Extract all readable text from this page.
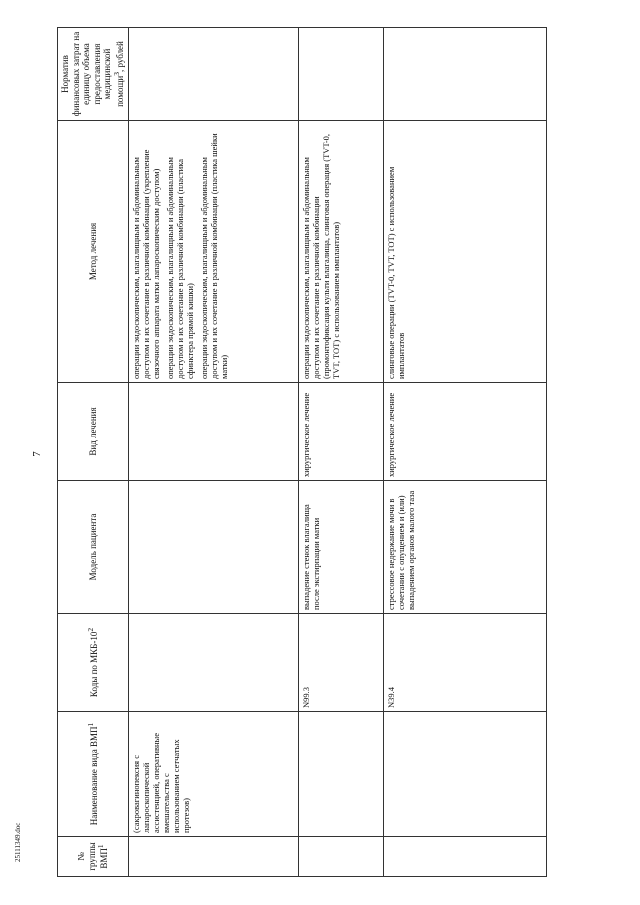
7
№ группы ВМП$^1$	Наименование вида ВМП$^1$	Коды по МКБ-$10^2$	Модель пациента	Вид лечения	Метод лечения	Норматив финансовых затрат на единицу объема предоставления медицинской помощи$^3$, рублей
	(сакровагинопексия с лапароскопической ассистенцией, оперативные вмешательства с использованием сетчатых протезов)				операции эндоскопическим, влагалищным и абдоминальным доступом и их сочетание в различной комбинации (укрепление связочного аппарата матки лапароскопическим доступом) операции эндоскопическим, влагалищным и абдоминальным доступом и их сочетание в различной комбинации (пластика сфинктера прямой кишки) операции эндоскопическим, влагалищным и абдоминальным доступом и их сочетание в различной комбинации (пластика шейки матки)	

		N99.3	выпадение стенок влагалища после экстирпации матки	хирургическое лечение	операции эндоскопическим, влагалищным и абдоминальным доступом и их сочетание в различной комбинации (промонтофиксация культи влагалища, слинговая операция (TVT-0, TVT, TOT) с использованием имплантатов)	

		N39.4	стрессовое недержание мочи в сочетании с опущением и (или) выпадением органов малого таза	хирургическое лечение	слинговые операции (TVT-0, TVT, TOT) с использованием имплантатов	

25111349.doc
